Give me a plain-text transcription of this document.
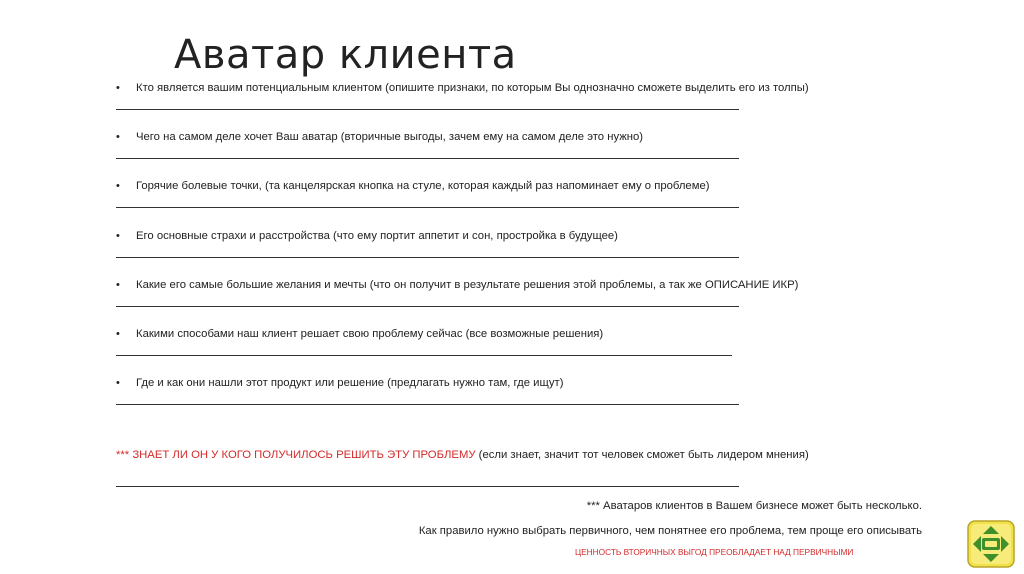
Аватар клиента
• Кто является вашим потенциальным клиентом (опишите признаки, по которым Вы однозначно сможете выделить его из толпы)
• Чего на самом деле хочет Ваш аватар (вторичные выгоды, зачем ему на самом деле это нужно)
• Горячие болевые точки, (та канцелярская кнопка на стуле, которая каждый раз напоминает ему о проблеме)
• Его основные страхи и расстройства (что ему портит аппетит и сон, простройка в будущее)
• Какие его самые большие желания и мечты (что он получит в результате решения этой проблемы, а так же ОПИСАНИЕ ИКР)
• Какими способами наш клиент решает свою проблему сейчас (все возможные решения)
• Где и как они нашли этот продукт или решение (предлагать нужно там, где ищут)
*** ЗНАЕТ ЛИ ОН У КОГО ПОЛУЧИЛОСЬ РЕШИТЬ ЭТУ ПРОБЛЕМУ (если знает, значит тот человек сможет быть лидером мнения)
*** Аватаров клиентов в Вашем бизнесе может быть несколько.
Как правило нужно выбрать первичного, чем понятнее его проблема, тем проще его описывать
ЦЕННОСТЬ ВТОРИЧНЫХ ВЫГОД ПРЕОБЛАДАЕТ НАД ПЕРВИЧНЫМИ
